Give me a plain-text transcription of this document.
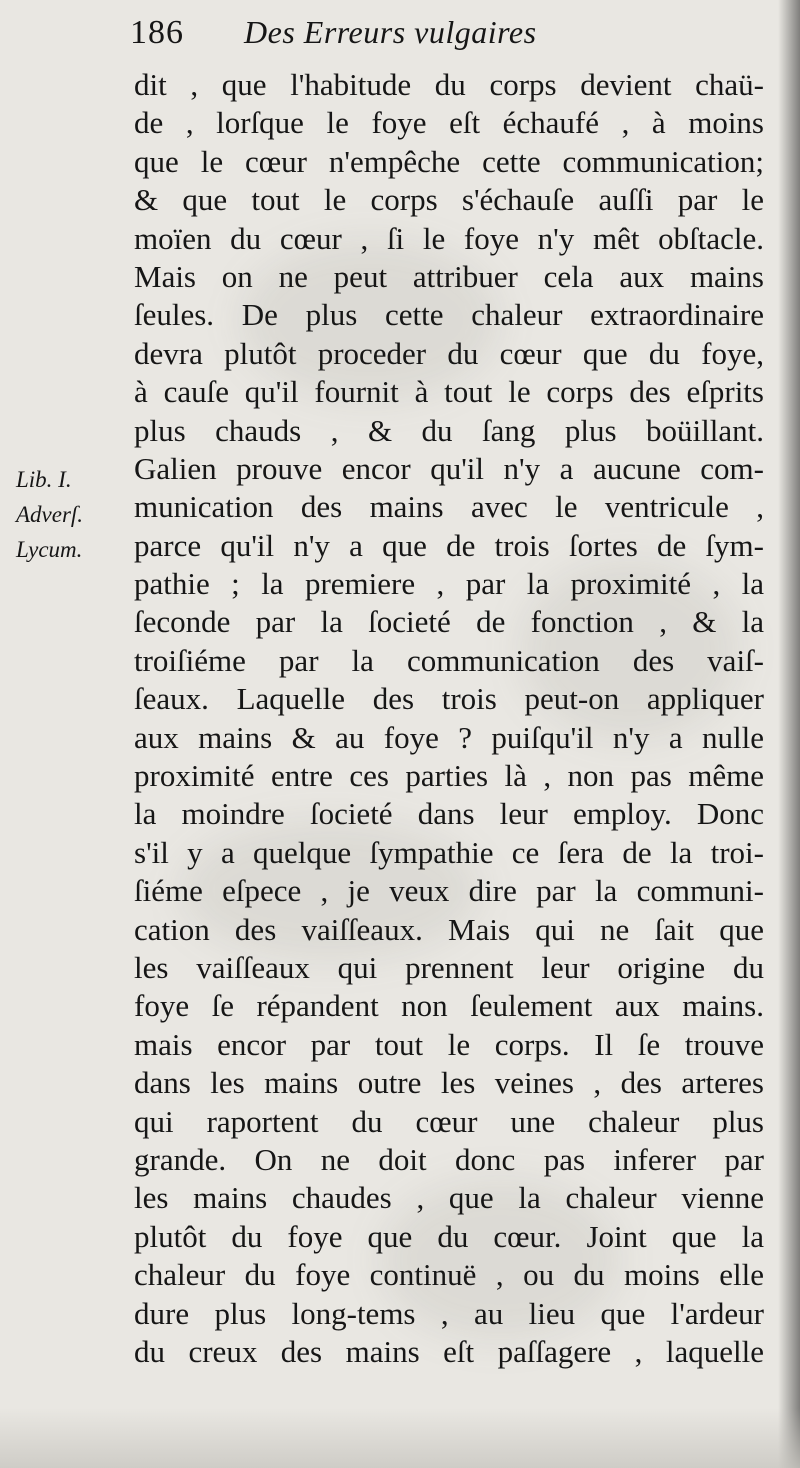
186 Des Erreurs vulgaires
Lib. I.
Adverſ.
Lycum.
dit , que l'habitude du corps devient chaü-
de , lorſque le foye eſt échaufé , à moins
que le cœur n'empêche cette communication;
& que tout le corps s'échauſe auſſi par le
moïen du cœur , ſi le foye n'y mêt obſtacle.
Mais on ne peut attribuer cela aux mains
ſeules. De plus cette chaleur extraordinaire
devra plutôt proceder du cœur que du foye,
à cauſe qu'il fournit à tout le corps des eſprits
plus chauds , & du ſang plus boüillant.
Galien prouve encor qu'il n'y a aucune com-
munication des mains avec le ventricule ,
parce qu'il n'y a que de trois ſortes de ſym-
pathie ; la premiere , par la proximité , la
ſeconde par la ſocieté de fonction , & la
troiſiéme par la communication des vaiſ-
ſeaux. Laquelle des trois peut-on appliquer
aux mains & au foye ? puiſqu'il n'y a nulle
proximité entre ces parties là , non pas même
la moindre ſocieté dans leur employ. Donc
s'il y a quelque ſympathie ce ſera de la troi-
ſiéme eſpece , je veux dire par la communi-
cation des vaiſſeaux. Mais qui ne ſait que
les vaiſſeaux qui prennent leur origine du
foye ſe répandent non ſeulement aux mains.
mais encor par tout le corps. Il ſe trouve
dans les mains outre les veines , des arteres
qui raportent du cœur une chaleur plus
grande. On ne doit donc pas inferer par
les mains chaudes , que la chaleur vienne
plutôt du foye que du cœur. Joint que la
chaleur du foye continuë , ou du moins elle
dure plus long-tems , au lieu que l'ardeur
du creux des mains eſt paſſagere , laquelle
